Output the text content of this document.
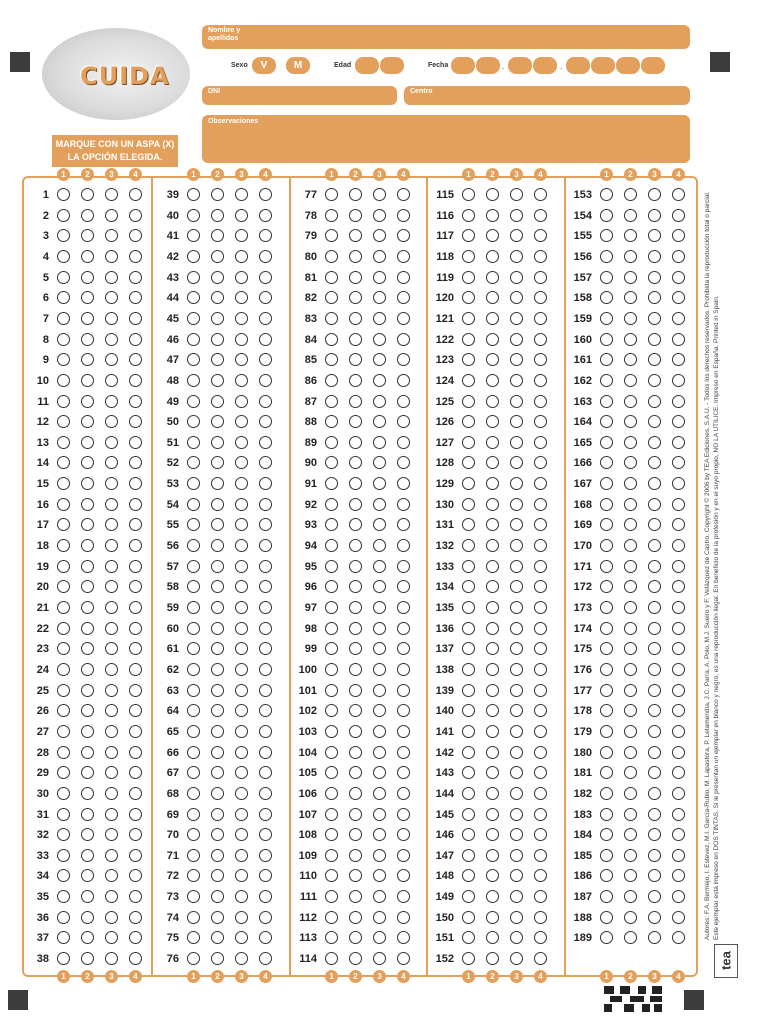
CUIDA
MARQUE CON UN ASPA (X)
LA OPCIÓN ELEGIDA.
Nombre y
apellidos
Sexo	V	M	Edad	Fecha	.	.
DNI	Centro
Observaciones
1	2	3	4
1	2	3	4
1
2
3
4
5
6
7
8
9
10
11
12
13
14
15
16
17
18
19
20
21
22
23
24
25
26
27
28
29
30
31
32
33
34
35
36
37
38
1	2	3	4
1	2	3	4
39
40
41
42
43
44
45
46
47
48
49
50
51
52
53
54
55
56
57
58
59
60
61
62
63
64
65
66
67
68
69
70
71
72
73
74
75
76
1	2	3	4
1	2	3	4
77
78
79
80
81
82
83
84
85
86
87
88
89
90
91
92
93
94
95
96
97
98
99
100
101
102
103
104
105
106
107
108
109
110
111
112
113
114
1	2	3	4
1	2	3	4
115
116
117
118
119
120
121
122
123
124
125
126
127
128
129
130
131
132
133
134
135
136
137
138
139
140
141
142
143
144
145
146
147
148
149
150
151
152
1	2	3	4
1	2	3	4
153
154
155
156
157
158
159
160
161
162
163
164
165
166
167
168
169
170
171
172
173
174
175
176
177
178
179
180
181
182
183
184
185
186
187
188
189	Autores: F.A. Bermejo, I. Estevez, M.I. García-Rubio, M. Lapastora, P. Letamendía, J.C. Parra, A. Polo, M.J. Sueiro y F. Velázquez de Castro. Copyright © 2006 by TEA Ediciones, S.A.U. - Todos los derechos reservados. Prohibida la reproducción total o parcial. Este ejemplar está impreso en DOS TINTAS. Si le presentan un ejemplar en blanco y negro, es una reproducción ilegal. En beneficio de la profesión y en el suyo propio, NO LA UTILICE. Impreso en España. Printed in Spain.
tea
